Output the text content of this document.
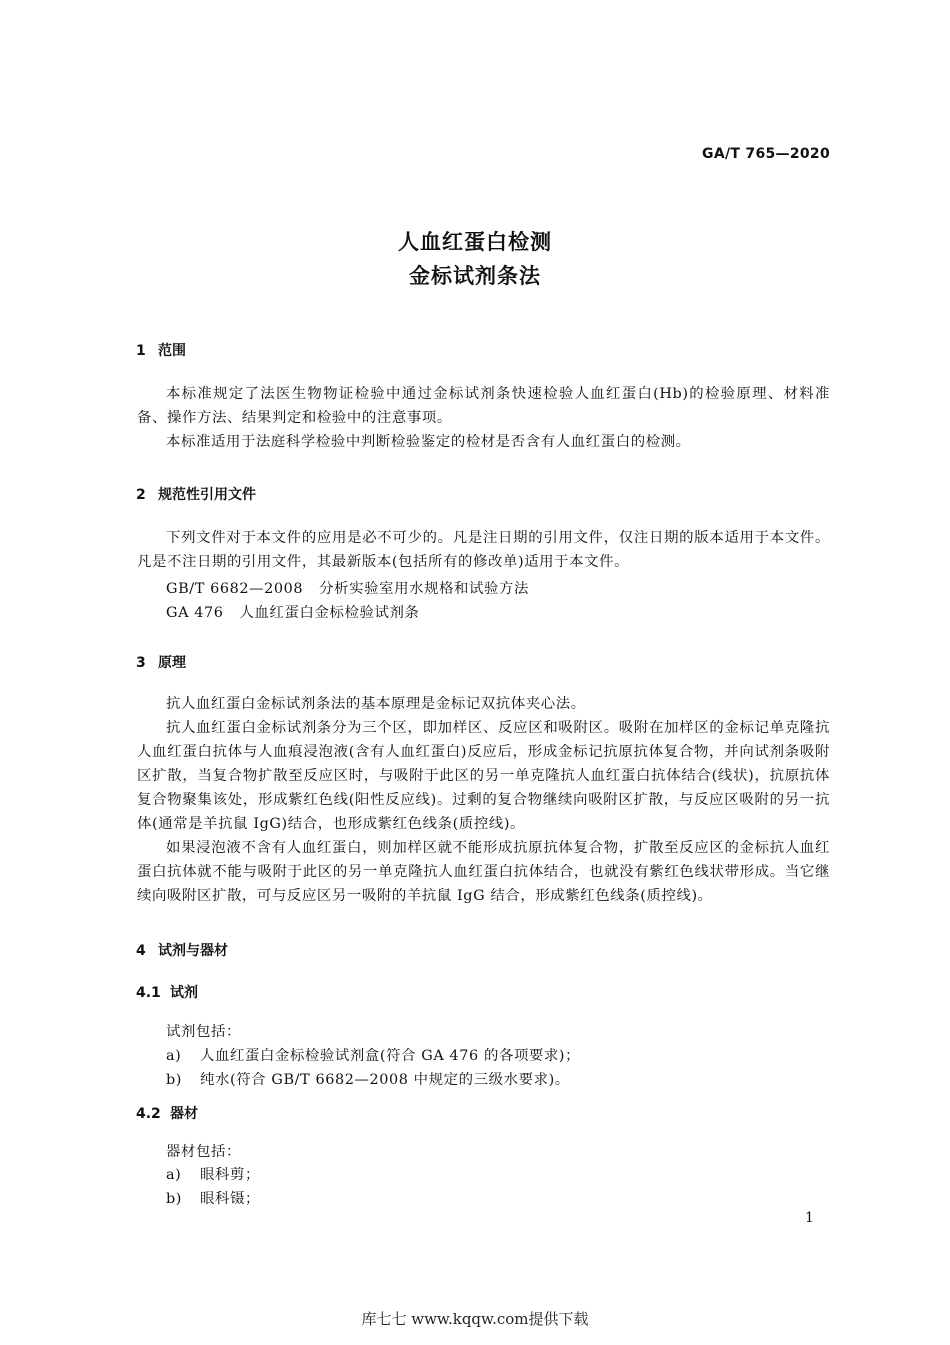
GA/T 765—2020
人血红蛋白检测
金标试剂条法
1 范围

本标准规定了法医生物物证检验中通过金标试剂条快速检验人血红蛋白(Hb)的检验原理、材料准备、操作方法、结果判定和检验中的注意事项。

本标准适用于法庭科学检验中判断检验鉴定的检材是否含有人血红蛋白的检测。

2 规范性引用文件

下列文件对于本文件的应用是必不可少的。凡是注日期的引用文件，仅注日期的版本适用于本文件。凡是不注日期的引用文件，其最新版本(包括所有的修改单)适用于本文件。

GB/T 6682—2008 分析实验室用水规格和试验方法
GA 476 人血红蛋白金标检验试剂条
3 原理

抗人血红蛋白金标试剂条法的基本原理是金标记双抗体夹心法。

抗人血红蛋白金标试剂条分为三个区，即加样区、反应区和吸附区。吸附在加样区的金标记单克隆抗人血红蛋白抗体与人血痕浸泡液(含有人血红蛋白)反应后，形成金标记抗原抗体复合物，并向试剂条吸附区扩散，当复合物扩散至反应区时，与吸附于此区的另一单克隆抗人血红蛋白抗体结合(线状)，抗原抗体复合物聚集该处，形成紫红色线(阳性反应线)。过剩的复合物继续向吸附区扩散，与反应区吸附的另一抗体(通常是羊抗鼠 IgG)结合，也形成紫红色线条(质控线)。

如果浸泡液不含有人血红蛋白，则加样区就不能形成抗原抗体复合物，扩散至反应区的金标抗人血红蛋白抗体就不能与吸附于此区的另一单克隆抗人血红蛋白抗体结合，也就没有紫红色线状带形成。当它继续向吸附区扩散，可与反应区另一吸附的羊抗鼠 IgG 结合，形成紫红色线条(质控线)。

4 试剂与器材
4.1 试剂
试剂包括：
a) 人血红蛋白金标检验试剂盒(符合 GA 476 的各项要求)；
b) 纯水(符合 GB/T 6682—2008 中规定的三级水要求)。
4.2 器材
器材包括：
a) 眼科剪；
b) 眼科镊；
1
库七七 www.kqqw.com提供下载
